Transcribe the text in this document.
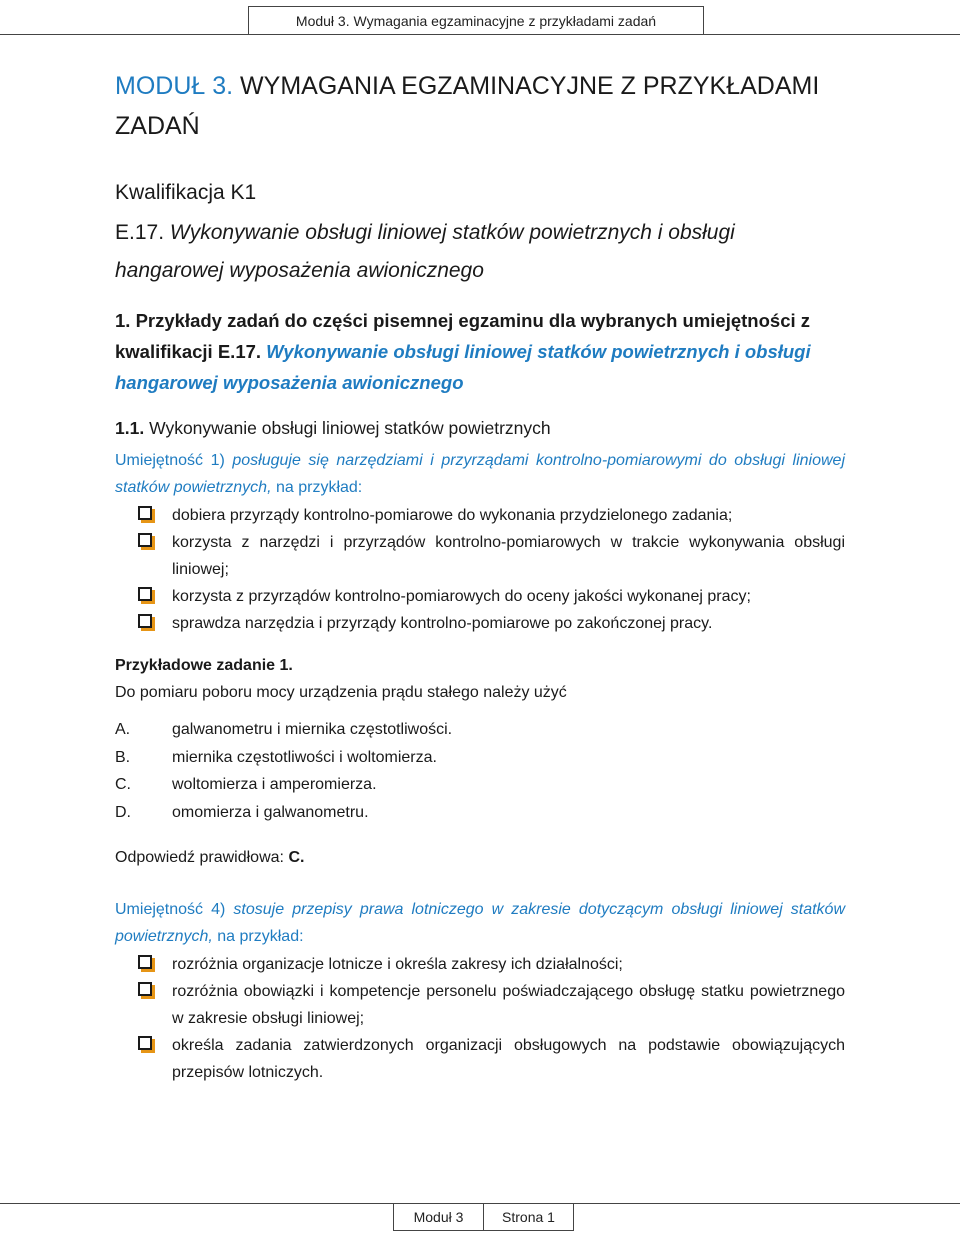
Moduł 3. Wymagania egzaminacyjne z przykładami zadań
MODUŁ 3. WYMAGANIA EGZAMINACYJNE Z PRZYKŁADAMI ZADAŃ
Kwalifikacja K1
E.17. Wykonywanie obsługi liniowej statków powietrznych i obsługi hangarowej wyposażenia awionicznego
1. Przykłady zadań do części pisemnej egzaminu dla wybranych umiejętności z kwalifikacji E.17. Wykonywanie obsługi liniowej statków powietrznych i obsługi hangarowej wyposażenia awionicznego
1.1. Wykonywanie obsługi liniowej statków powietrznych
Umiejętność 1) posługuje się narzędziami i przyrządami kontrolno-pomiarowymi do obsługi liniowej statków powietrznych, na przykład:
dobiera przyrządy kontrolno-pomiarowe do wykonania przydzielonego zadania;
korzysta z narzędzi i przyrządów kontrolno-pomiarowych w trakcie wykonywania obsługi liniowej;
korzysta z przyrządów kontrolno-pomiarowych do oceny jakości wykonanej pracy;
sprawdza narzędzia i przyrządy kontrolno-pomiarowe po zakończonej pracy.
Przykładowe zadanie 1.
Do pomiaru poboru mocy urządzenia prądu stałego należy użyć
A.	galwanometru i miernika częstotliwości.
B.	miernika częstotliwości i woltomierza.
C.	woltomierza i amperomierza.
D.	omomierza i galwanometru.
Odpowiedź prawidłowa: C.
Umiejętność 4) stosuje przepisy prawa lotniczego w zakresie dotyczącym obsługi liniowej statków powietrznych, na przykład:
rozróżnia organizacje lotnicze i określa zakresy ich działalności;
rozróżnia obowiązki i kompetencje personelu poświadczającego obsługę statku powietrznego w zakresie obsługi liniowej;
określa zadania zatwierdzonych organizacji obsługowych na podstawie obowiązujących przepisów lotniczych.
Moduł 3	Strona 1
